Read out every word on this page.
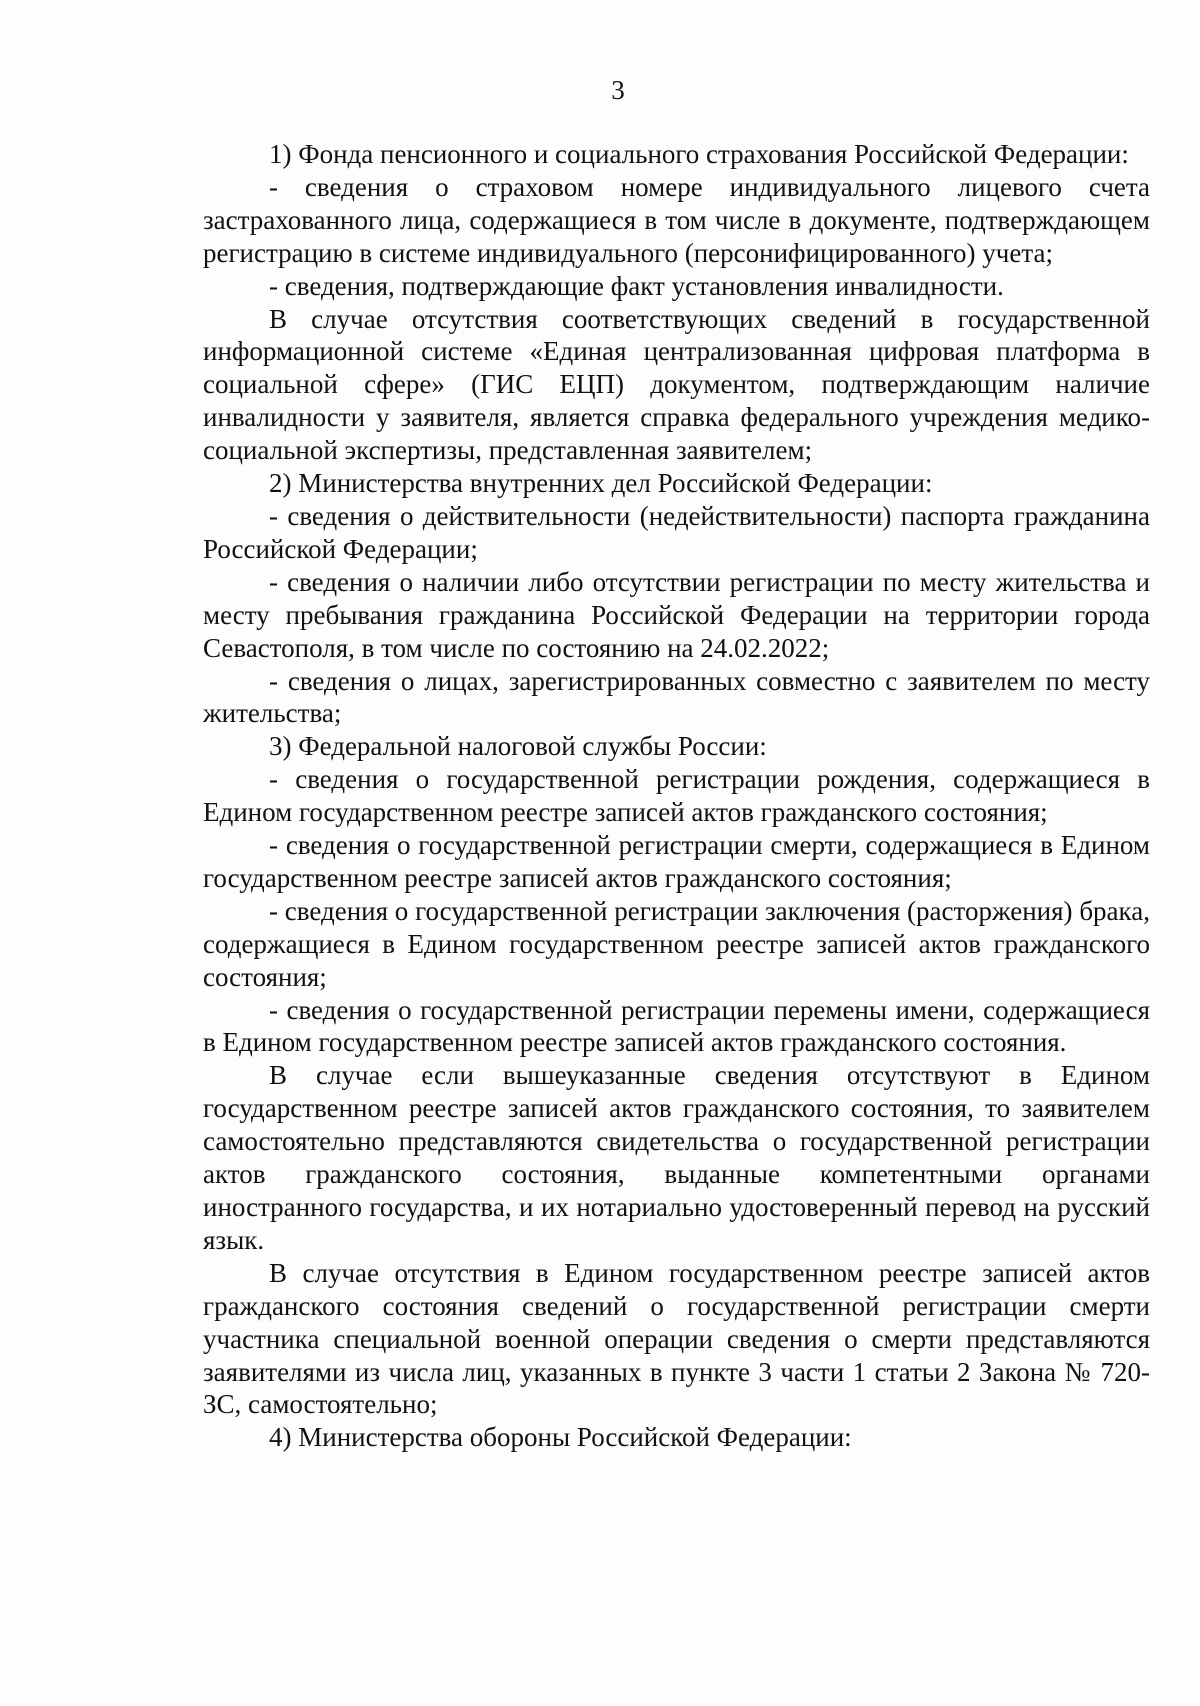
3

1) Фонда пенсионного и социального страхования Российской Федерации:

- сведения о страховом номере индивидуального лицевого счета застрахованного лица, содержащиеся в том числе в документе, подтверждающем регистрацию в системе индивидуального (персонифицированного) учета;

- сведения, подтверждающие факт установления инвалидности.

В случае отсутствия соответствующих сведений в государственной информационной системе «Единая централизованная цифровая платформа в социальной сфере» (ГИС ЕЦП) документом, подтверждающим наличие инвалидности у заявителя, является справка федерального учреждения медико-социальной экспертизы, представленная заявителем;

2) Министерства внутренних дел Российской Федерации:

- сведения о действительности (недействительности) паспорта гражданина Российской Федерации;

- сведения о наличии либо отсутствии регистрации по месту жительства и месту пребывания гражданина Российской Федерации на территории города Севастополя, в том числе по состоянию на 24.02.2022;

- сведения о лицах, зарегистрированных совместно с заявителем по месту жительства;

3) Федеральной налоговой службы России:

- сведения о государственной регистрации рождения, содержащиеся в Едином государственном реестре записей актов гражданского состояния;

- сведения о государственной регистрации смерти, содержащиеся в Едином государственном реестре записей актов гражданского состояния;

- сведения о государственной регистрации заключения (расторжения) брака, содержащиеся в Едином государственном реестре записей актов гражданского состояния;

- сведения о государственной регистрации перемены имени, содержащиеся в Едином государственном реестре записей актов гражданского состояния.

В случае если вышеуказанные сведения отсутствуют в Едином государственном реестре записей актов гражданского состояния, то заявителем самостоятельно представляются свидетельства о государственной регистрации актов гражданского состояния, выданные компетентными органами иностранного государства, и их нотариально удостоверенный перевод на русский язык.

В случае отсутствия в Едином государственном реестре записей актов гражданского состояния сведений о государственной регистрации смерти участника специальной военной операции сведения о смерти представляются заявителями из числа лиц, указанных в пункте 3 части 1 статьи 2 Закона № 720-ЗС, самостоятельно;

4) Министерства обороны Российской Федерации:
